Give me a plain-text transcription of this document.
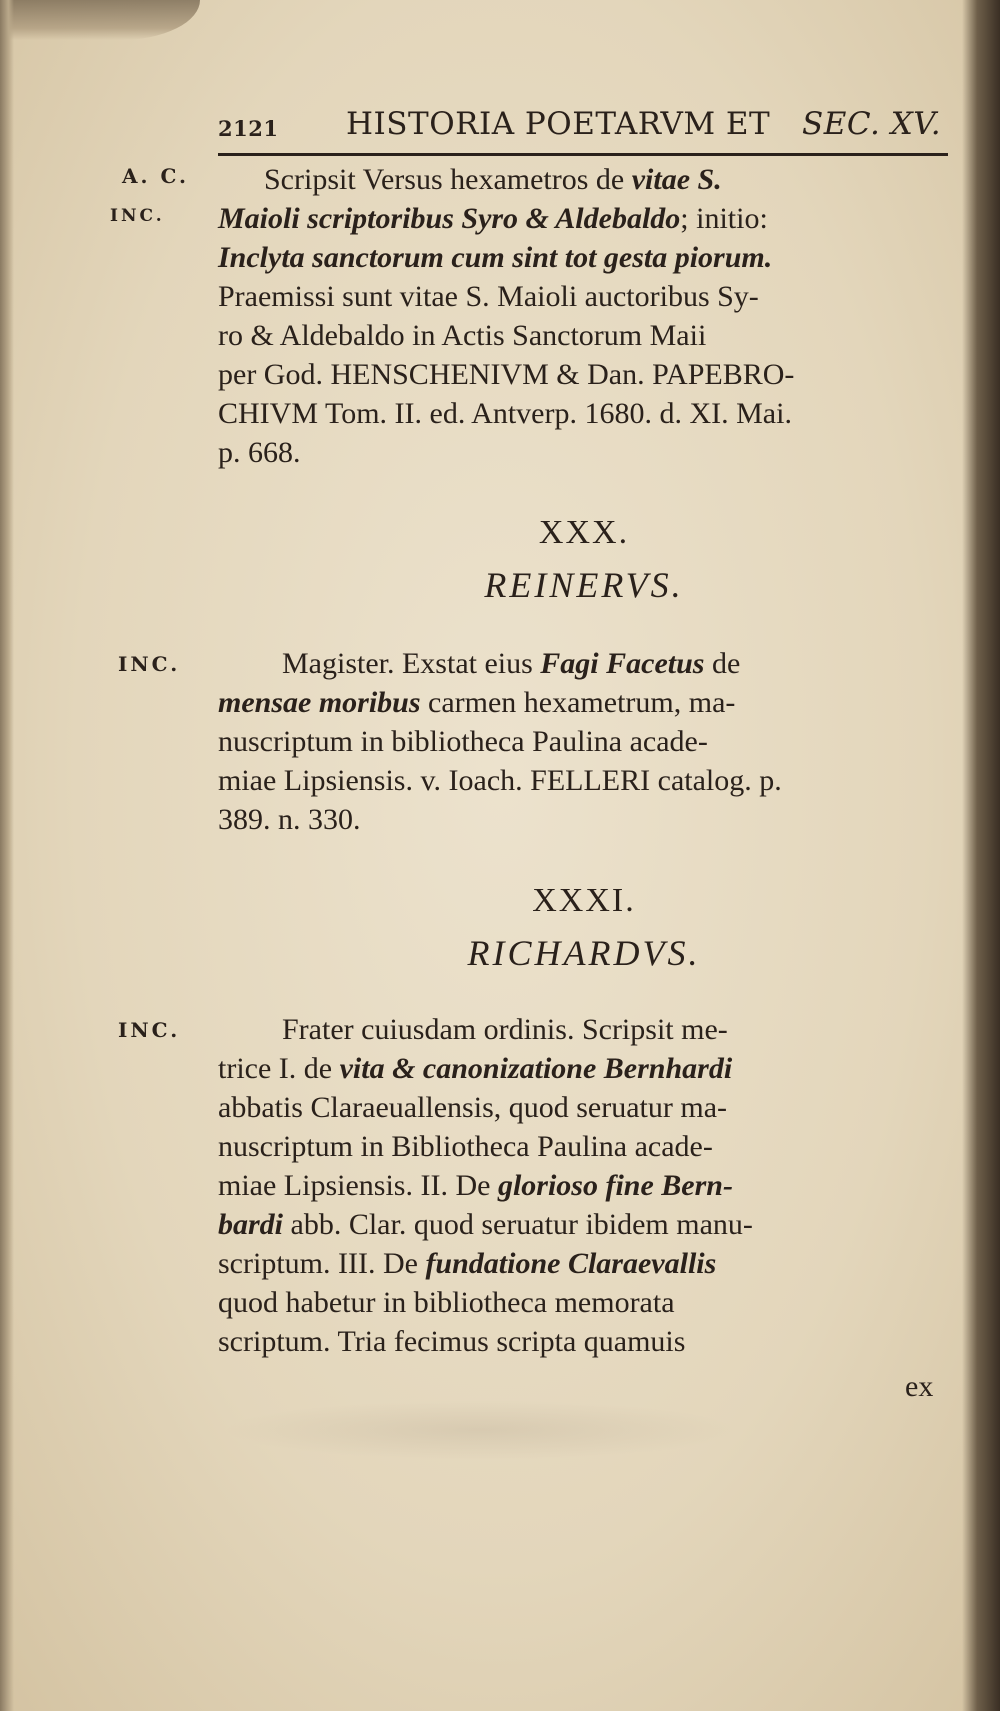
2121 HISTORIA POETARVM ET SEC. XV.
A. C.
INC.
Scripsit Versus hexametros de vitae S.
Maioli scriptoribus Syro & Aldebaldo; initio:
Inclyta sanctorum cum sint tot gesta piorum.
Praemissi sunt vitae S. Maioli auctoribus Sy-
ro & Aldebaldo in Actis Sanctorum Maii
per God. HENSCHENIVM & Dan. PAPEBRO-
CHIVM Tom. II. ed. Antverp. 1680. d. XI. Mai.
p. 668.
XXX.
REINERVS.
INC.	Magister. Exstat eius Fagi Facetus de
mensae moribus carmen hexametrum, ma-
nuscriptum in bibliotheca Paulina acade-
miae Lipsiensis. v. Ioach. FELLERI catalog. p.
389. n. 330.
XXXI.
RICHARDVS.
INC.	Frater cuiusdam ordinis. Scripsit me-
trice I. de vita & canonizatione Bernhardi
abbatis Claraeuallensis, quod seruatur ma-
nuscriptum in Bibliotheca Paulina acade-
miae Lipsiensis. II. De glorioso fine Bern-
bardi abb. Clar. quod seruatur ibidem manu-
scriptum. III. De fundatione Claraevallis
quod habetur in bibliotheca memorata
scriptum. Tria fecimus scripta quamuis
ex
